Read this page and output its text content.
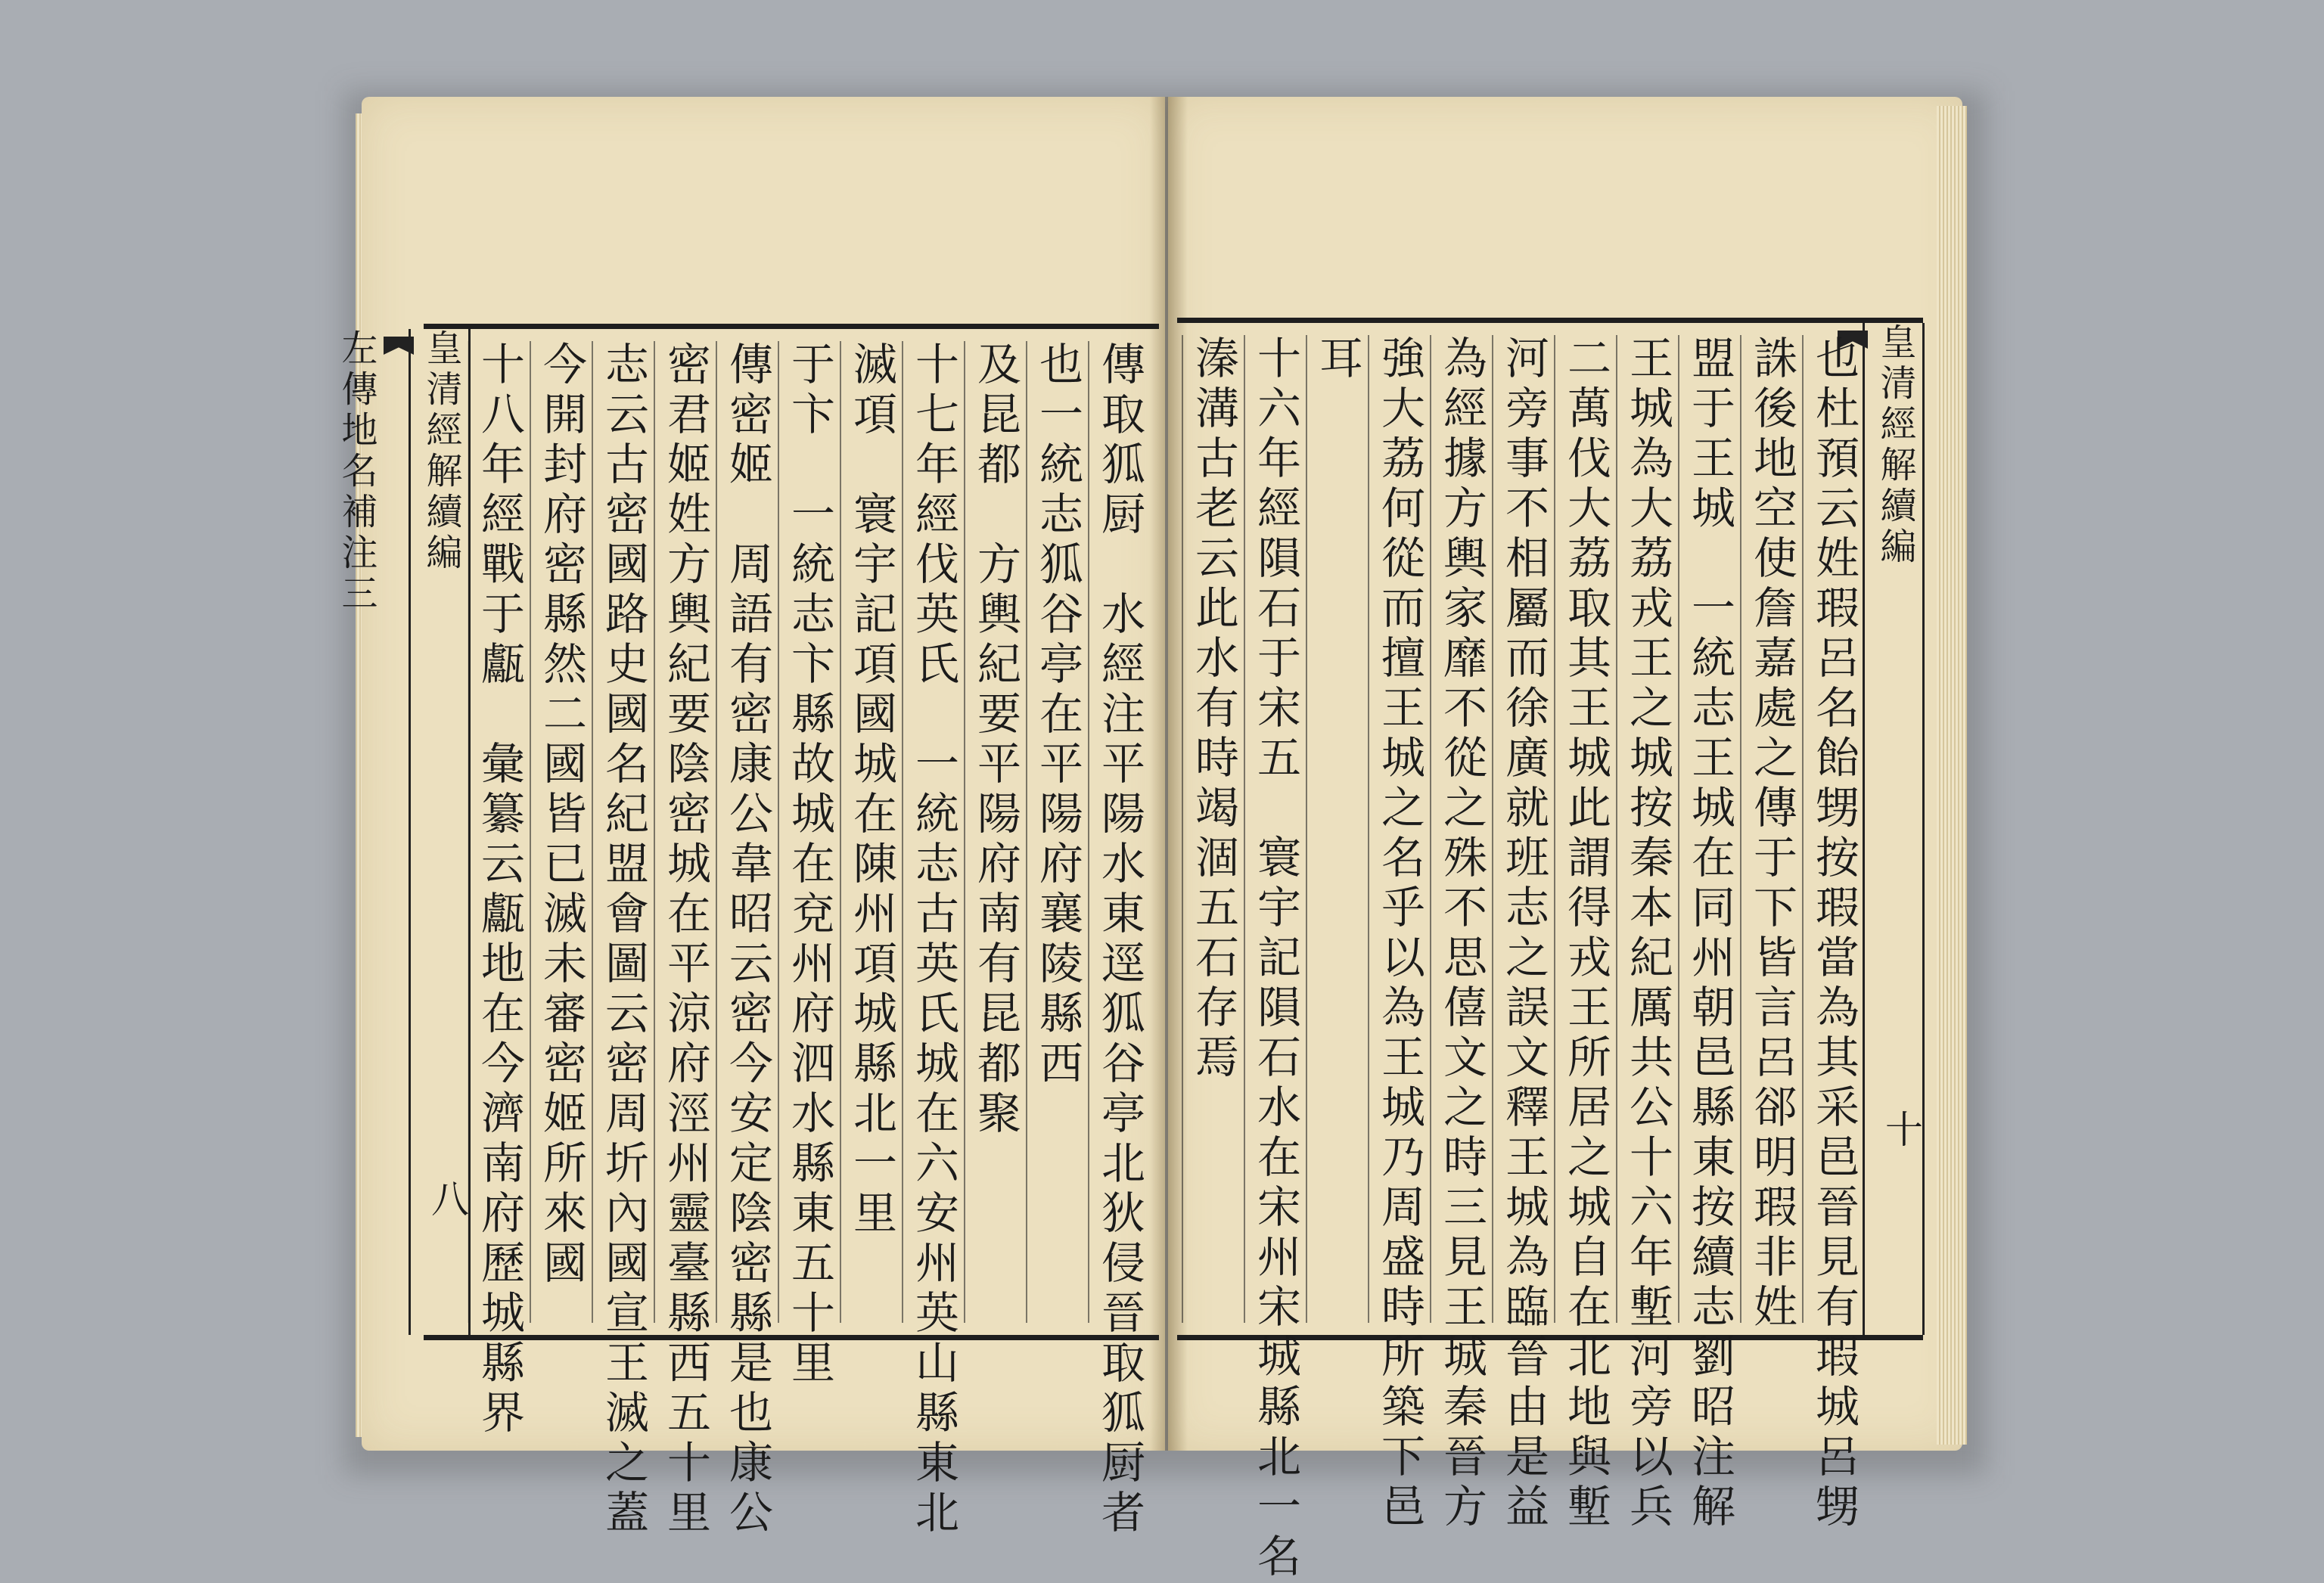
傳取狐厨　水經注平陽水東逕狐谷亭北狄侵晉取狐厨者
也一統志狐谷亭在平陽府襄陵縣西
及昆都　方輿紀要平陽府南有昆都聚
十七年經伐英氏　一統志古英氏城在六安州英山縣東北
滅項　寰宇記項國城在陳州項城縣北一里
于卞　一統志卞縣故城在兗州府泗水縣東五十里
傳密姬　周語有密康公韋昭云密今安定陰密縣是也康公
密君姬姓方輿紀要陰密城在平涼府涇州靈臺縣西五十里
志云古密國路史國名紀盟會圖云密周圻內國宣王滅之蓋
今開封府密縣然二國皆已滅未審密姬所來國
十八年經戰于甗　彙纂云甗地在今濟南府歷城縣界
皇清經解續編
左傳地名補注三
八
皇清經解續編
十
也杜預云姓瑕呂名飴甥按瑕當為其采邑晉見有瑕城呂甥
誅後地空使詹嘉處之傳于下皆言呂郤明瑕非姓
盟于王城　一統志王城在同州朝邑縣東按續志劉昭注解
王城為大荔戎王之城按秦本紀厲共公十六年塹河旁以兵
二萬伐大荔取其王城此謂得戎王所居之城自在北地與塹
河旁事不相屬而徐廣就班志之誤文釋王城為臨晉由是益
為經據方輿家靡不從之殊不思僖文之時三見王城秦晉方
強大荔何從而擅王城之名乎以為王城乃周盛時所築下邑
耳
十六年經隕石于宋五　寰宇記隕石水在宋州宋城縣北一名
溱溝古老云此水有時竭涸五石存焉
